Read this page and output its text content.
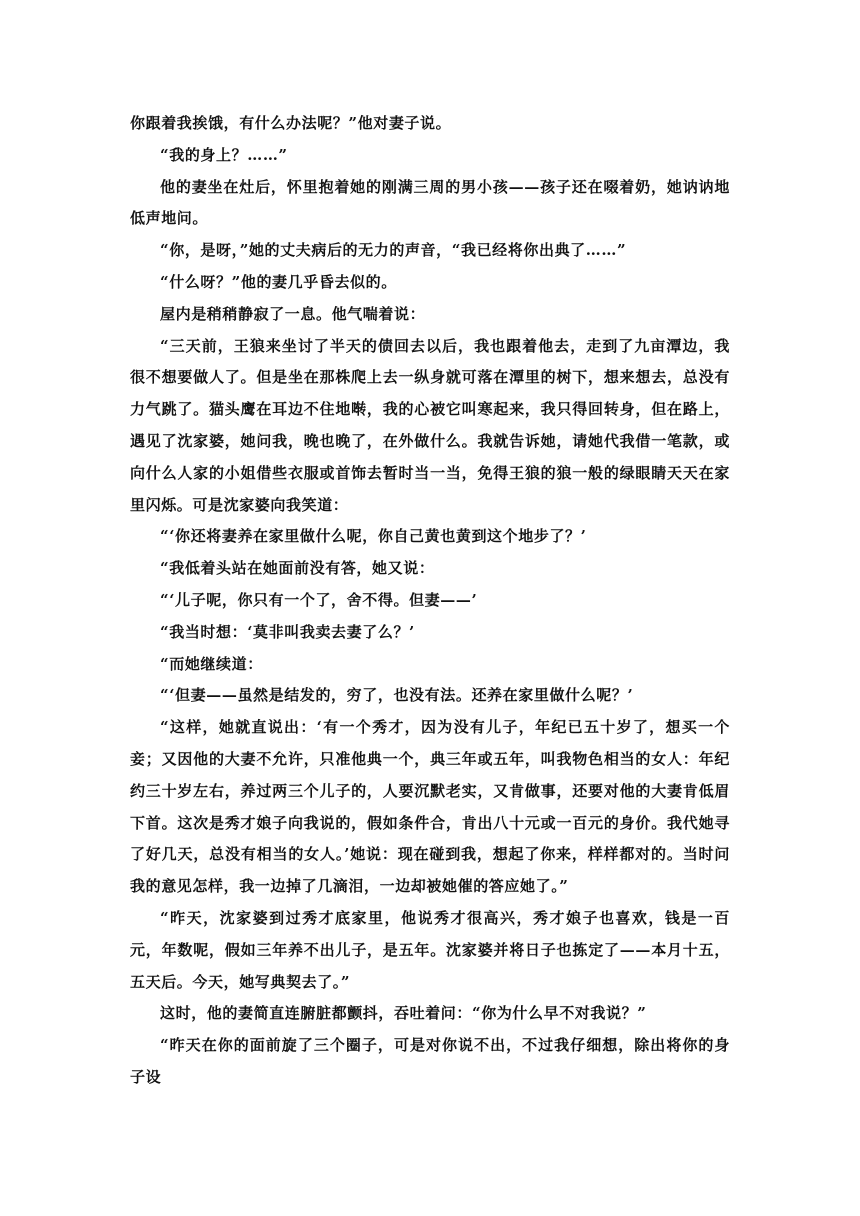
你跟着我挨饿，有什么办法呢？”他对妻子说。

“我的身上？……”

他的妻坐在灶后，怀里抱着她的刚满三周的男小孩——孩子还在啜着奶，她讷讷地低声地问。

“你，是呀，”她的丈夫病后的无力的声音，“我已经将你出典了……”

“什么呀？”他的妻几乎昏去似的。

屋内是稍稍静寂了一息。他气喘着说：

“三天前，王狼来坐讨了半天的债回去以后，我也跟着他去，走到了九亩潭边，我很不想要做人了。但是坐在那株爬上去一纵身就可落在潭里的树下，想来想去，总没有力气跳了。猫头鹰在耳边不住地啭，我的心被它叫寒起来，我只得回转身，但在路上，遇见了沈家婆，她问我，晚也晚了，在外做什么。我就告诉她，请她代我借一笔款，或向什么人家的小姐借些衣服或首饰去暂时当一当，免得王狼的狼一般的绿眼睛天天在家里闪烁。可是沈家婆向我笑道：

“‘你还将妻养在家里做什么呢，你自己黄也黄到这个地步了？’

“我低着头站在她面前没有答，她又说：

“‘儿子呢，你只有一个了，舍不得。但妻——’

“我当时想：‘莫非叫我卖去妻了么？’

“而她继续道：

“‘但妻——虽然是结发的，穷了，也没有法。还养在家里做什么呢？’

“这样，她就直说出：‘有一个秀才，因为没有儿子，年纪已五十岁了，想买一个妾；又因他的大妻不允许，只准他典一个，典三年或五年，叫我物色相当的女人：年纪约三十岁左右，养过两三个儿子的，人要沉默老实，又肯做事，还要对他的大妻肯低眉下首。这次是秀才娘子向我说的，假如条件合，肯出八十元或一百元的身价。我代她寻了好几天，总没有相当的女人。’她说：现在碰到我，想起了你来，样样都对的。当时问我的意见怎样，我一边掉了几滴泪，一边却被她催的答应她了。”

“昨天，沈家婆到过秀才底家里，他说秀才很高兴，秀才娘子也喜欢，钱是一百元，年数呢，假如三年养不出儿子，是五年。沈家婆并将日子也拣定了——本月十五，五天后。今天，她写典契去了。”

这时，他的妻简直连腑脏都颤抖，吞吐着问：“你为什么早不对我说？”

“昨天在你的面前旋了三个圈子，可是对你说不出，不过我仔细想，除出将你的身子设
